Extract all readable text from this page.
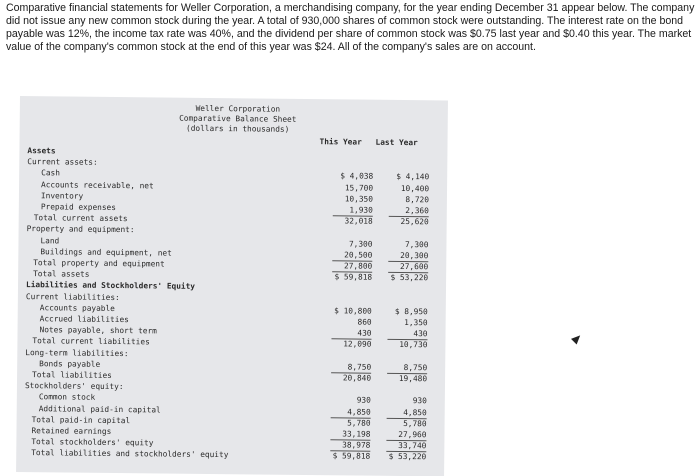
Comparative financial statements for Weller Corporation, a merchandising company, for the year ending December 31 appear below. The company did not issue any new common stock during the year. A total of 930,000 shares of common stock were outstanding. The interest rate on the bond payable was 12%, the income tax rate was 40%, and the dividend per share of common stock was $0.75 last year and $0.40 this year. The market value of the company's common stock at the end of this year was $24. All of the company's sales are on account.
Weller Corporation
Comparative Balance Sheet
(dollars in thousands)
This Year Last Year
Assets
Current assets:
Cash	$ 4,038	$ 4,140
Accounts receivable, net	15,700	10,400
Inventory	10,350	8,720
Prepaid expenses	1,930	2,360
Total current assets	32,018	25,620
Property and equipment:
Land	7,300	7,300
Buildings and equipment, net	20,500	20,300
Total property and equipment	27,800	27,600
Total assets	$ 59,818	$ 53,220
Liabilities and Stockholders' Equity
Current liabilities:
Accounts payable	$ 10,800	$ 8,950
Accrued liabilities	860	1,350
Notes payable, short term	430	430
Total current liabilities	12,090	10,730
Long-term liabilities:
Bonds payable	8,750	8,750
Total liabilities	20,840	19,480
Stockholders' equity:
Common stock	930	930
Additional paid-in capital	4,850	4,850
Total paid-in capital	5,780	5,780
Retained earnings	33,198	27,960
Total stockholders' equity	38,978	33,740
Total liabilities and stockholders' equity	$ 59,818	$ 53,220
